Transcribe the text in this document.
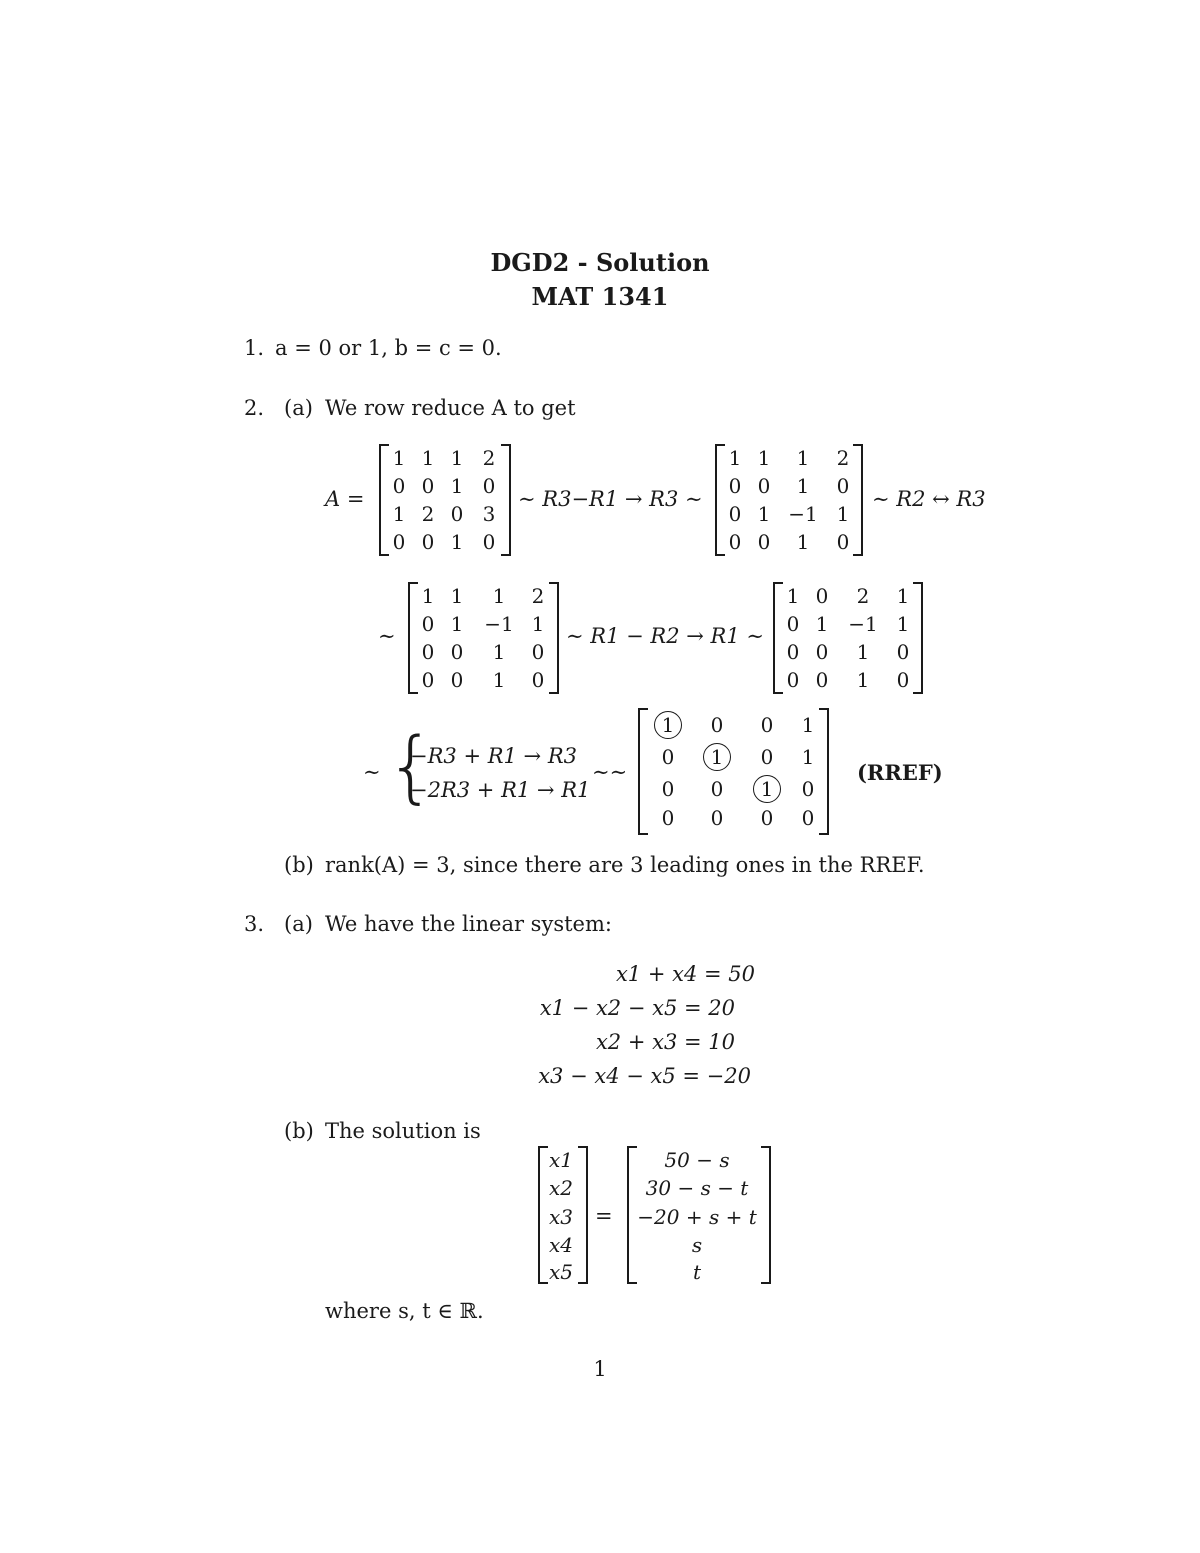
DGD2 - Solution
MAT 1341
1. a = 0 or 1, b = c = 0.
2. (a) We row reduce A to get
A =
1 1 1 2
0 0 1 0
1 2 0 3
0 0 1 0
∼ R3−R1 → R3 ∼
1 1 1 2
0 0 1 0
0 1 −1 1
0 0 1 0
∼ R2 ↔ R3
∼
1 1 1 2
0 1 −1 1
0 0 1 0
0 0 1 0
∼ R1 − R2 → R1 ∼
1 0 2 1
0 1 −1 1
0 0 1 0
0 0 1 0
∼ {
−R3 + R1 → R3
−2R3 + R1 → R1
∼∼
1	0 0 1
0	1	0 1
0 0	1	0
0 0 0 0
(RREF)
(b) rank(A) = 3, since there are 3 leading ones in the RREF.
3. (a) We have the linear system:
x1 + x4 = 50
x1 − x2 − x5 = 20
x2 + x3 = 10
x3 − x4 − x5 = −20
(b) The solution is
x1
x2
x3
x4
x5
=
50 − s
30 − s − t
−20 + s + t
s
t
where s, t ∈ ℝ.
1
